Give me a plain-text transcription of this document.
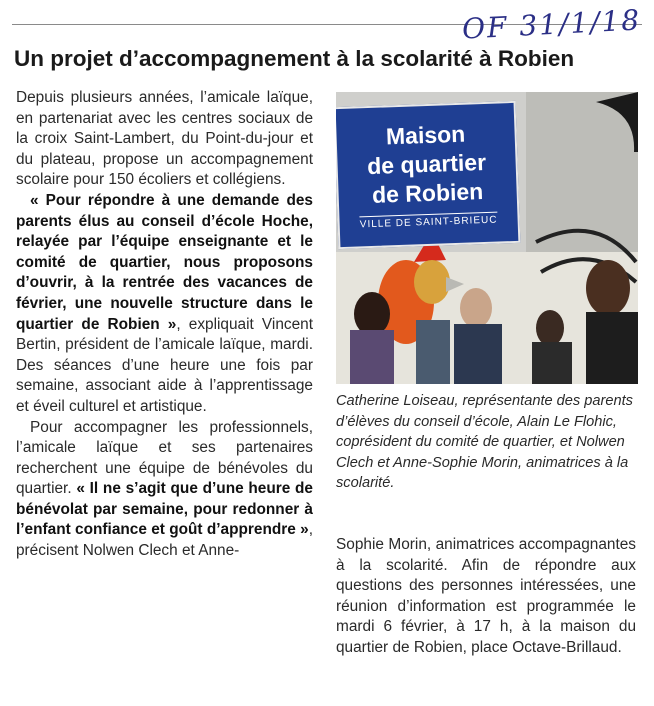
OF 31/1/18
Un projet d’accompagnement à la scolarité à Robien

Depuis plusieurs années, l’amicale laïque, en partenariat avec les centres sociaux de la croix Saint-Lambert, du Point-du-jour et du plateau, propose un accompagnement scolaire pour 150 écoliers et collégiens.

« Pour répondre à une demande des parents élus au conseil d’école Hoche, relayée par l’équipe enseignante et le comité de quartier, nous proposons d’ouvrir, à la rentrée des vacances de février, une nouvelle structure dans le quartier de Robien », expliquait Vincent Bertin, président de l’amicale laïque, mardi. Des séances d’une heure une fois par semaine, associant aide à l’apprentissage et éveil culturel et artistique.

Pour accompagner les professionnels, l’amicale laïque et ses partenaires recherchent une équipe de bénévoles du quartier. « Il ne s’agit que d’une heure de bénévolat par semaine, pour redonner à l’enfant confiance et goût d’apprendre », précisent Nolwen Clech et Anne-

Maison
de quartier
de Robien
VILLE DE SAINT-BRIEUC
Catherine Loiseau, représentante des parents d’élèves du conseil d’école, Alain Le Flohic, coprésident du comité de quartier, et Nolwen Clech et Anne-Sophie Morin, animatrices à la scolarité.

Sophie Morin, animatrices accompagnantes à la scolarité. Afin de répondre aux questions des personnes intéressées, une réunion d’information est programmée le mardi 6 février, à 17 h, à la maison du quartier de Robien, place Octave-Brillaud.
